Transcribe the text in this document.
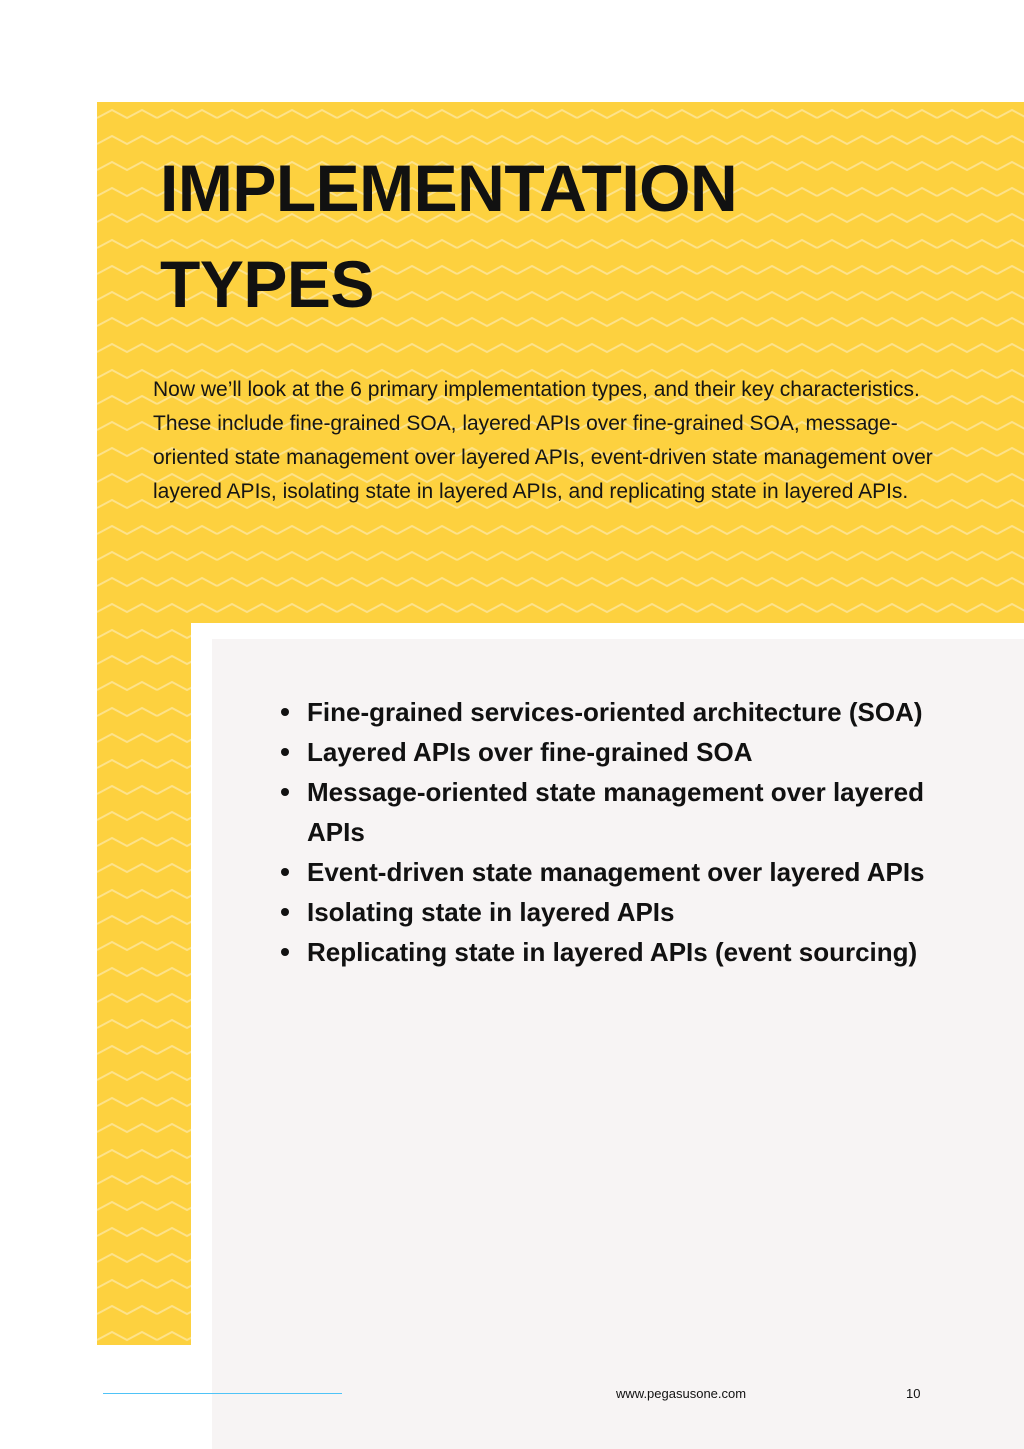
IMPLEMENTATION
TYPES

Now we’ll look at the 6 primary implementation types, and their key characteristics. These include fine-grained SOA, layered APIs over fine-grained SOA, message-oriented state management over layered APIs, event-driven state management over layered APIs, isolating state in layered APIs, and replicating state in layered APIs.

Fine-grained services-oriented architecture (SOA)
Layered APIs over fine-grained SOA
Message-oriented state management over layered APIs
Event-driven state management over layered APIs
Isolating state in layered APIs
Replicating state in layered APIs (event sourcing)
www.pegasusone.com	10
